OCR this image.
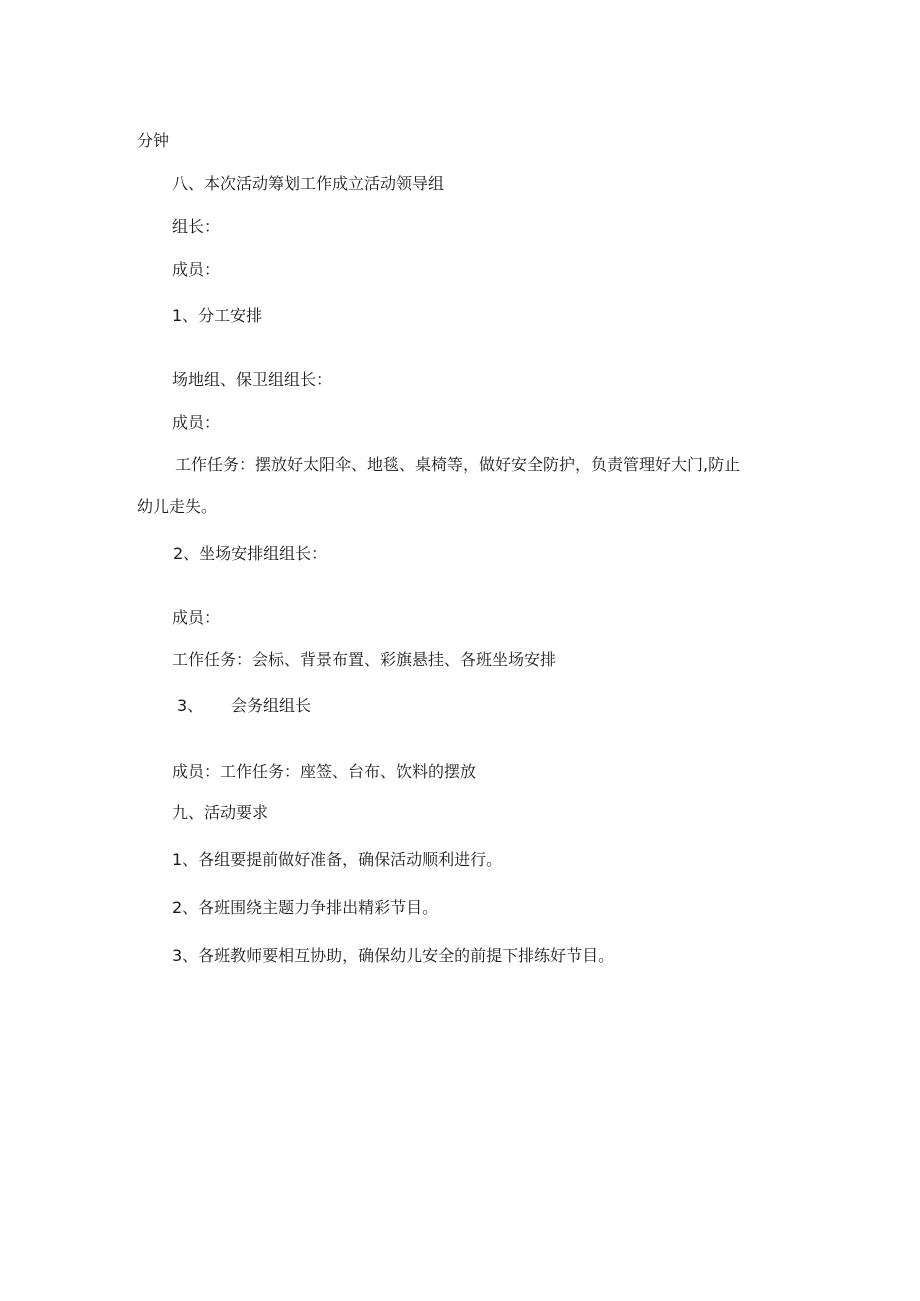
分钟
八、本次活动筹划工作成立活动领导组
组长：
成员：
1、分工安排
场地组、保卫组组长：
成员：
工作任务：摆放好太阳伞、地毯、桌椅等，做好安全防护，负责管理好大门,防止
幼儿走失。
2、坐场安排组组长：
成员：
工作任务：会标、背景布置、彩旗悬挂、各班坐场安排
3、 会务组组长
成员：工作任务：座签、台布、饮料的摆放
九、活动要求
1、各组要提前做好准备，确保活动顺利进行。
2、各班围绕主题力争排出精彩节目。
3、各班教师要相互协助，确保幼儿安全的前提下排练好节目。
